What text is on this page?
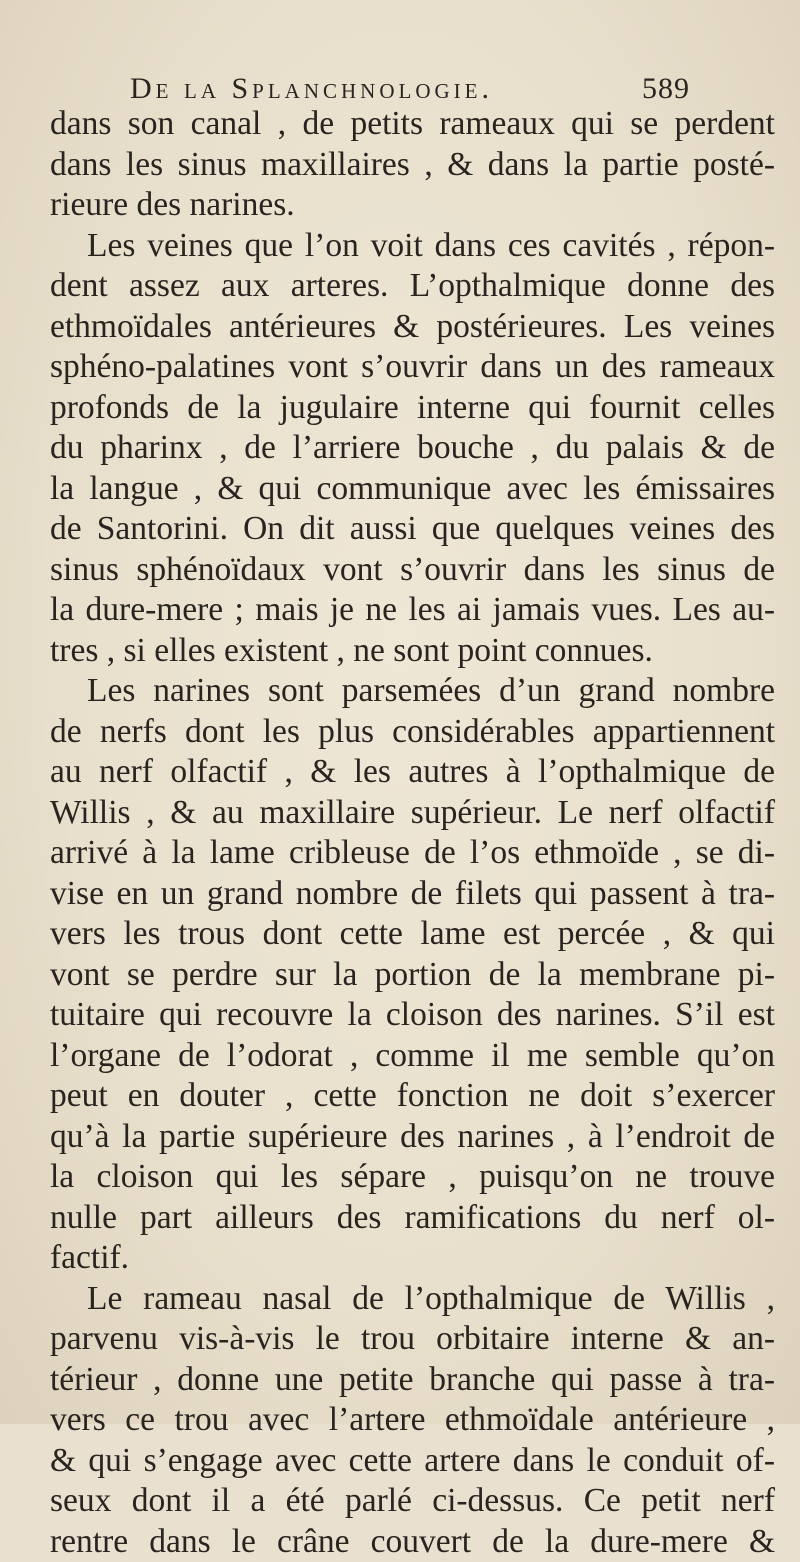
De la Splanchnologie.	589
dans son canal , de petits rameaux qui se perdent
dans les sinus maxillaires , & dans la partie posté-
rieure des narines.
Les veines que l’on voit dans ces cavités , répon-
dent assez aux arteres. L’opthalmique donne des
ethmoïdales antérieures & postérieures. Les veines
sphéno-palatines vont s’ouvrir dans un des rameaux
profonds de la jugulaire interne qui fournit celles
du pharinx , de l’arriere bouche , du palais & de
la langue , & qui communique avec les émissaires
de Santorini. On dit aussi que quelques veines des
sinus sphénoïdaux vont s’ouvrir dans les sinus de
la dure-mere ; mais je ne les ai jamais vues. Les au-
tres , si elles existent , ne sont point connues.
Les narines sont parsemées d’un grand nombre
de nerfs dont les plus considérables appartiennent
au nerf olfactif , & les autres à l’opthalmique de
Willis , & au maxillaire supérieur. Le nerf olfactif
arrivé à la lame cribleuse de l’os ethmoïde , se di-
vise en un grand nombre de filets qui passent à tra-
vers les trous dont cette lame est percée , & qui
vont se perdre sur la portion de la membrane pi-
tuitaire qui recouvre la cloison des narines. S’il est
l’organe de l’odorat , comme il me semble qu’on
peut en douter , cette fonction ne doit s’exercer
qu’à la partie supérieure des narines , à l’endroit de
la cloison qui les sépare , puisqu’on ne trouve
nulle part ailleurs des ramifications du nerf ol-
factif.
Le rameau nasal de l’opthalmique de Willis ,
parvenu vis-à-vis le trou orbitaire interne & an-
térieur , donne une petite branche qui passe à tra-
vers ce trou avec l’artere ethmoïdale antérieure ,
& qui s’engage avec cette artere dans le conduit of-
seux dont il a été parlé ci-dessus. Ce petit nerf
rentre dans le crâne couvert de la dure-mere &
